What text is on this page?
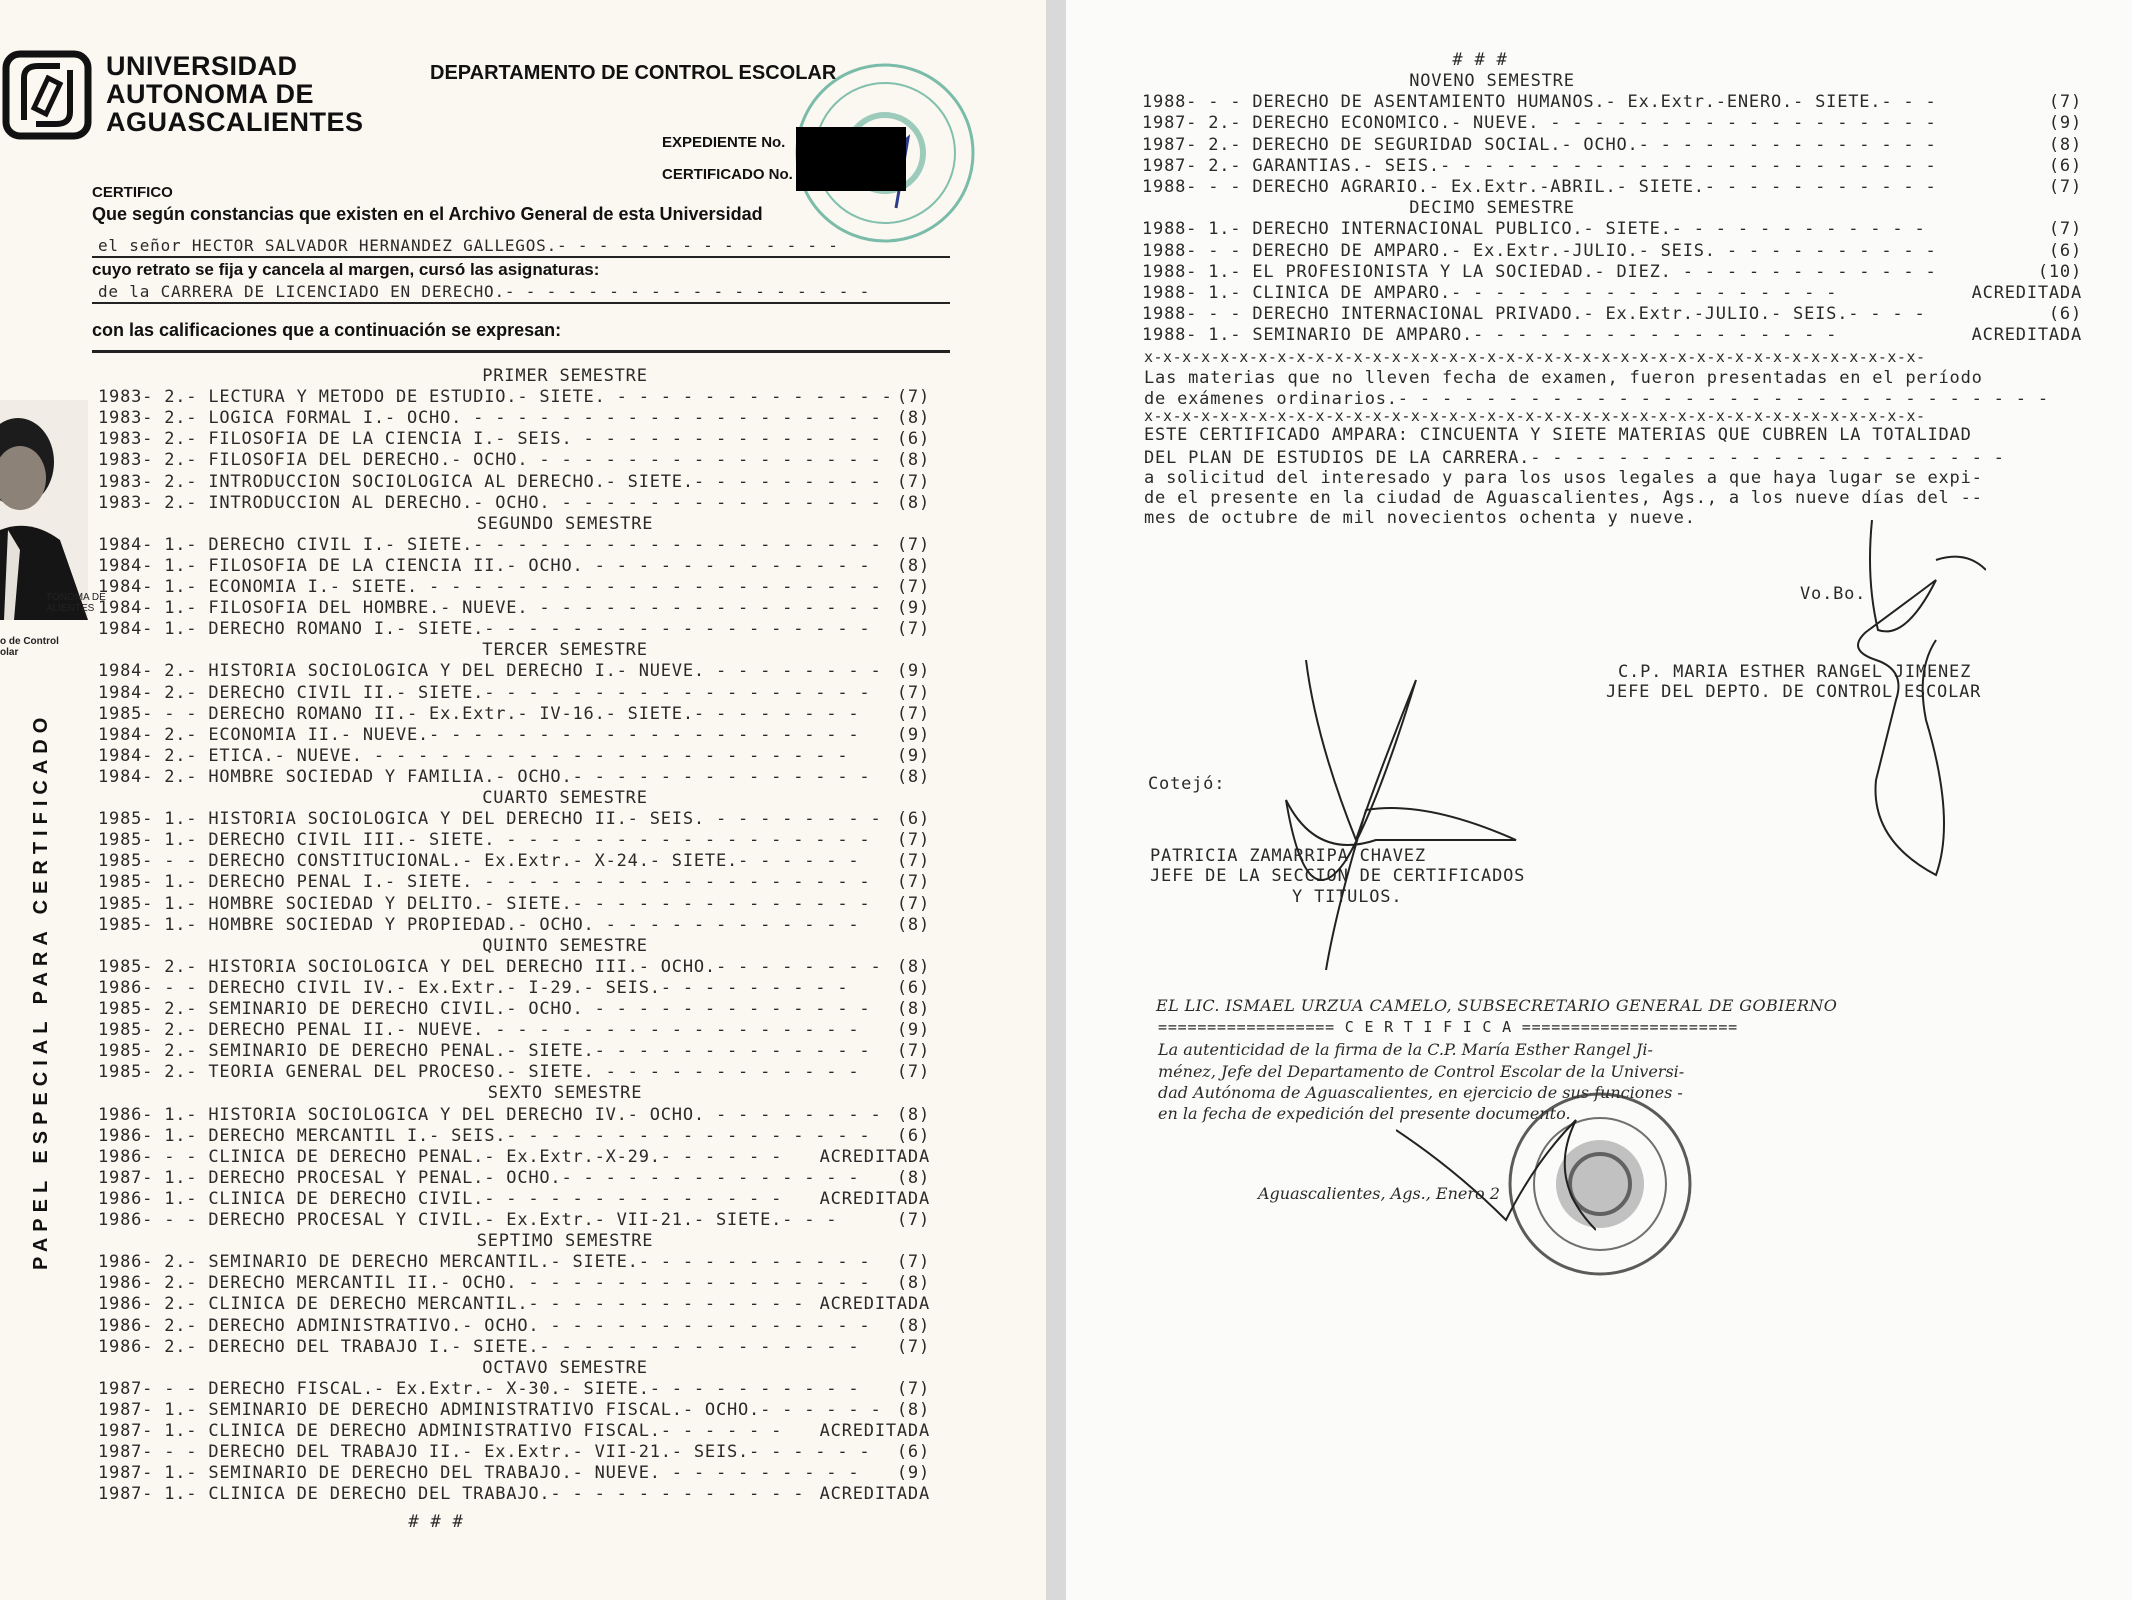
UNIVERSIDAD
AUTONOMA DE
AGUASCALIENTES
DEPARTAMENTO DE CONTROL ESCOLAR
EXPEDIENTE No.
CERTIFICADO No.
CERTIFICO
Que según constancias que existen en el Archivo General de esta Universidad
el señor HECTOR SALVADOR HERNANDEZ GALLEGOS.- - - - - - - - - - - - - -
cuyo retrato se fija y cancela al margen, cursó las asignaturas:
de la CARRERA DE LICENCIADO EN DERECHO.- - - - - - - - - - - - - - - - - -
con las calificaciones que a continuación se expresan:
TONOMA DE
ALIENTES
o de Control
olar
PAPEL ESPECIAL PARA CERTIFICADO
PRIMER SEMESTRE
1983- 2.- LECTURA Y METODO DE ESTUDIO.- SIETE. - - - - - - - - - - - - - (7)
1983- 2.- LOGICA FORMAL I.- OCHO. - - - - - - - - - - - - - - - - - - - (8)
1983- 2.- FILOSOFIA DE LA CIENCIA I.- SEIS. - - - - - - - - - - - - - - (6)
1983- 2.- FILOSOFIA DEL DERECHO.- OCHO. - - - - - - - - - - - - - - - - (8)
1983- 2.- INTRODUCCION SOCIOLOGICA AL DERECHO.- SIETE.- - - - - - - - - (7)
1983- 2.- INTRODUCCION AL DERECHO.- OCHO. - - - - - - - - - - - - - - - (8)
SEGUNDO SEMESTRE
1984- 1.- DERECHO CIVIL I.- SIETE.- - - - - - - - - - - - - - - - - - - (7)
1984- 1.- FILOSOFIA DE LA CIENCIA II.- OCHO. - - - - - - - - - - - - - (8)
1984- 1.- ECONOMIA I.- SIETE. - - - - - - - - - - - - - - - - - - - - - (7)
1984- 1.- FILOSOFIA DEL HOMBRE.- NUEVE. - - - - - - - - - - - - - - - - (9)
1984- 1.- DERECHO ROMANO I.- SIETE.- - - - - - - - - - - - - - - - - - (7)
TERCER SEMESTRE
1984- 2.- HISTORIA SOCIOLOGICA Y DEL DERECHO I.- NUEVE. - - - - - - - - (9)
1984- 2.- DERECHO CIVIL II.- SIETE.- - - - - - - - - - - - - - - - - - (7)
1985- - - DERECHO ROMANO II.- Ex.Extr.- IV-16.- SIETE.- - - - - - - - (7)
1984- 2.- ECONOMIA II.- NUEVE.- - - - - - - - - - - - - - - - - - - - (9)
1984- 2.- ETICA.- NUEVE. - - - - - - - - - - - - - - - - - - - - - -	(9)
1984- 2.- HOMBRE SOCIEDAD Y FAMILIA.- OCHO.- - - - - - - - - - - - - - (8)
CUARTO SEMESTRE
1985- 1.- HISTORIA SOCIOLOGICA Y DEL DERECHO II.- SEIS. - - - - - - - - (6)
1985- 1.- DERECHO CIVIL III.- SIETE. - - - - - - - - - - - - - - - - - (7)
1985- - - DERECHO CONSTITUCIONAL.- Ex.Extr.- X-24.- SIETE.- - - - - - (7)
1985- 1.- DERECHO PENAL I.- SIETE. - - - - - - - - - - - - - - - - - - (7)
1985- 1.- HOMBRE SOCIEDAD Y DELITO.- SIETE.- - - - - - - - - - - - - - (7)
1985- 1.- HOMBRE SOCIEDAD Y PROPIEDAD.- OCHO. - - - - - - - - - - - - (8)
QUINTO SEMESTRE
1985- 2.- HISTORIA SOCIOLOGICA Y DEL DERECHO III.- OCHO.- - - - - - - - (8)
1986- - - DERECHO CIVIL IV.- Ex.Extr.- I-29.- SEIS.- - - - - - - - -	(6)
1985- 2.- SEMINARIO DE DERECHO CIVIL.- OCHO. - - - - - - - - - - - - - (8)
1985- 2.- DERECHO PENAL II.- NUEVE. - - - - - - - - - - - - - - - - - (9)
1985- 2.- SEMINARIO DE DERECHO PENAL.- SIETE.- - - - - - - - - - - - - (7)
1985- 2.- TEORIA GENERAL DEL PROCESO.- SIETE. - - - - - - - - - - - - (7)
SEXTO SEMESTRE
1986- 1.- HISTORIA SOCIOLOGICA Y DEL DERECHO IV.- OCHO. - - - - - - - - (8)
1986- 1.- DERECHO MERCANTIL I.- SEIS.- - - - - - - - - - - - - - - - - (6)
1986- - - CLINICA DE DERECHO PENAL.- Ex.Extr.-X-29.- - - - - - ACREDITADA
1987- 1.- DERECHO PROCESAL Y PENAL.- OCHO.- - - - - - - - - - - - - - (8)
1986- 1.- CLINICA DE DERECHO CIVIL.- - - - - - - - - - - - - - ACREDITADA
1986- - - DERECHO PROCESAL Y CIVIL.- Ex.Extr.- VII-21.- SIETE.- - -	(7)
SEPTIMO SEMESTRE
1986- 2.- SEMINARIO DE DERECHO MERCANTIL.- SIETE.- - - - - - - - - - - (7)
1986- 2.- DERECHO MERCANTIL II.- OCHO. - - - - - - - - - - - - - - - - (8)
1986- 2.- CLINICA DE DERECHO MERCANTIL.- - - - - - - - - - - - - ACREDITADA
1986- 2.- DERECHO ADMINISTRATIVO.- OCHO. - - - - - - - - - - - - - - - (8)
1986- 2.- DERECHO DEL TRABAJO I.- SIETE.- - - - - - - - - - - - - - - (7)
OCTAVO SEMESTRE
1987- - - DERECHO FISCAL.- Ex.Extr.- X-30.- SIETE.- - - - - - - - - - (7)
1987- 1.- SEMINARIO DE DERECHO ADMINISTRATIVO FISCAL.- OCHO.- - - - - - (8)
1987- 1.- CLINICA DE DERECHO ADMINISTRATIVO FISCAL.- - - - - - ACREDITADA
1987- - - DERECHO DEL TRABAJO II.- Ex.Extr.- VII-21.- SEIS.- - - - - - (6)
1987- 1.- SEMINARIO DE DERECHO DEL TRABAJO.- NUEVE. - - - - - - - - - (9)
1987- 1.- CLINICA DE DERECHO DEL TRABAJO.- - - - - - - - - - - - ACREDITADA
# # #
# # #
NOVENO SEMESTRE
1988- - - DERECHO DE ASENTAMIENTO HUMANOS.- Ex.Extr.-ENERO.- SIETE.- - -	(7)
1987- 2.- DERECHO ECONOMICO.- NUEVE. - - - - - - - - - - - - - - - - - -	(9)
1987- 2.- DERECHO DE SEGURIDAD SOCIAL.- OCHO.- - - - - - - - - - - - - -	(8)
1987- 2.- GARANTIAS.- SEIS.- - - - - - - - - - - - - - - - - - - - - - -	(6)
1988- - - DERECHO AGRARIO.- Ex.Extr.-ABRIL.- SIETE.- - - - - - - - - - -	(7)
DECIMO SEMESTRE
1988- 1.- DERECHO INTERNACIONAL PUBLICO.- SIETE.- - - - - - - - - - - -	(7)
1988- - - DERECHO DE AMPARO.- Ex.Extr.-JULIO.- SEIS. - - - - - - - - - -	(6)
1988- 1.- EL PROFESIONISTA Y LA SOCIEDAD.- DIEZ. - - - - - - - - - - - -	(10)
1988- 1.- CLINICA DE AMPARO.- - - - - - - - - - - - - - - - - -	ACREDITADA
1988- - - DERECHO INTERNACIONAL PRIVADO.- Ex.Extr.-JULIO.- SEIS.- - - -	(6)
1988- 1.- SEMINARIO DE AMPARO.- - - - - - - - - - - - - - - - -	ACREDITADA
x-x-x-x-x-x-x-x-x-x-x-x-x-x-x-x-x-x-x-x-x-x-x-x-x-x-x-x-x-x-x-x-x-x-x-x-x-x-x-x-x-
Las materias que no lleven fecha de examen, fueron presentadas en el período
de exámenes ordinarios.- - - - - - - - - - - - - - - - - - - - - - - - - - - - - -
x-x-x-x-x-x-x-x-x-x-x-x-x-x-x-x-x-x-x-x-x-x-x-x-x-x-x-x-x-x-x-x-x-x-x-x-x-x-x-x-x-
ESTE CERTIFICADO AMPARA: CINCUENTA Y SIETE MATERIAS QUE CUBREN LA TOTALIDAD
DEL PLAN DE ESTUDIOS DE LA CARRERA.- - - - - - - - - - - - - - - - - - - - - -
a solicitud del interesado y para los usos legales a que haya lugar se expi-
de el presente en la ciudad de Aguascalientes, Ags., a los nueve días del --
mes de octubre de mil novecientos ochenta y nueve.
Vo.Bo.
C.P. MARIA ESTHER RANGEL JIMENEZ
JEFE DEL DEPTO. DE CONTROL ESCOLAR
Cotejó:
PATRICIA ZAMARRIPA CHAVEZ
JEFE DE LA SECCION DE CERTIFICADOS
Y TITULOS.
EL LIC. ISMAEL URZUA CAMELO, SUBSECRETARIO GENERAL DE GOBIERNO
================== C E R T I F I C A ======================
La autenticidad de la firma de la C.P. María Esther Rangel Ji-
ménez, Jefe del Departamento de Control Escolar de la Universi-
dad Autónoma de Aguascalientes, en ejercicio de sus funciones -
en la fecha de expedición del presente documento.
Aguascalientes, Ags., Enero 2
